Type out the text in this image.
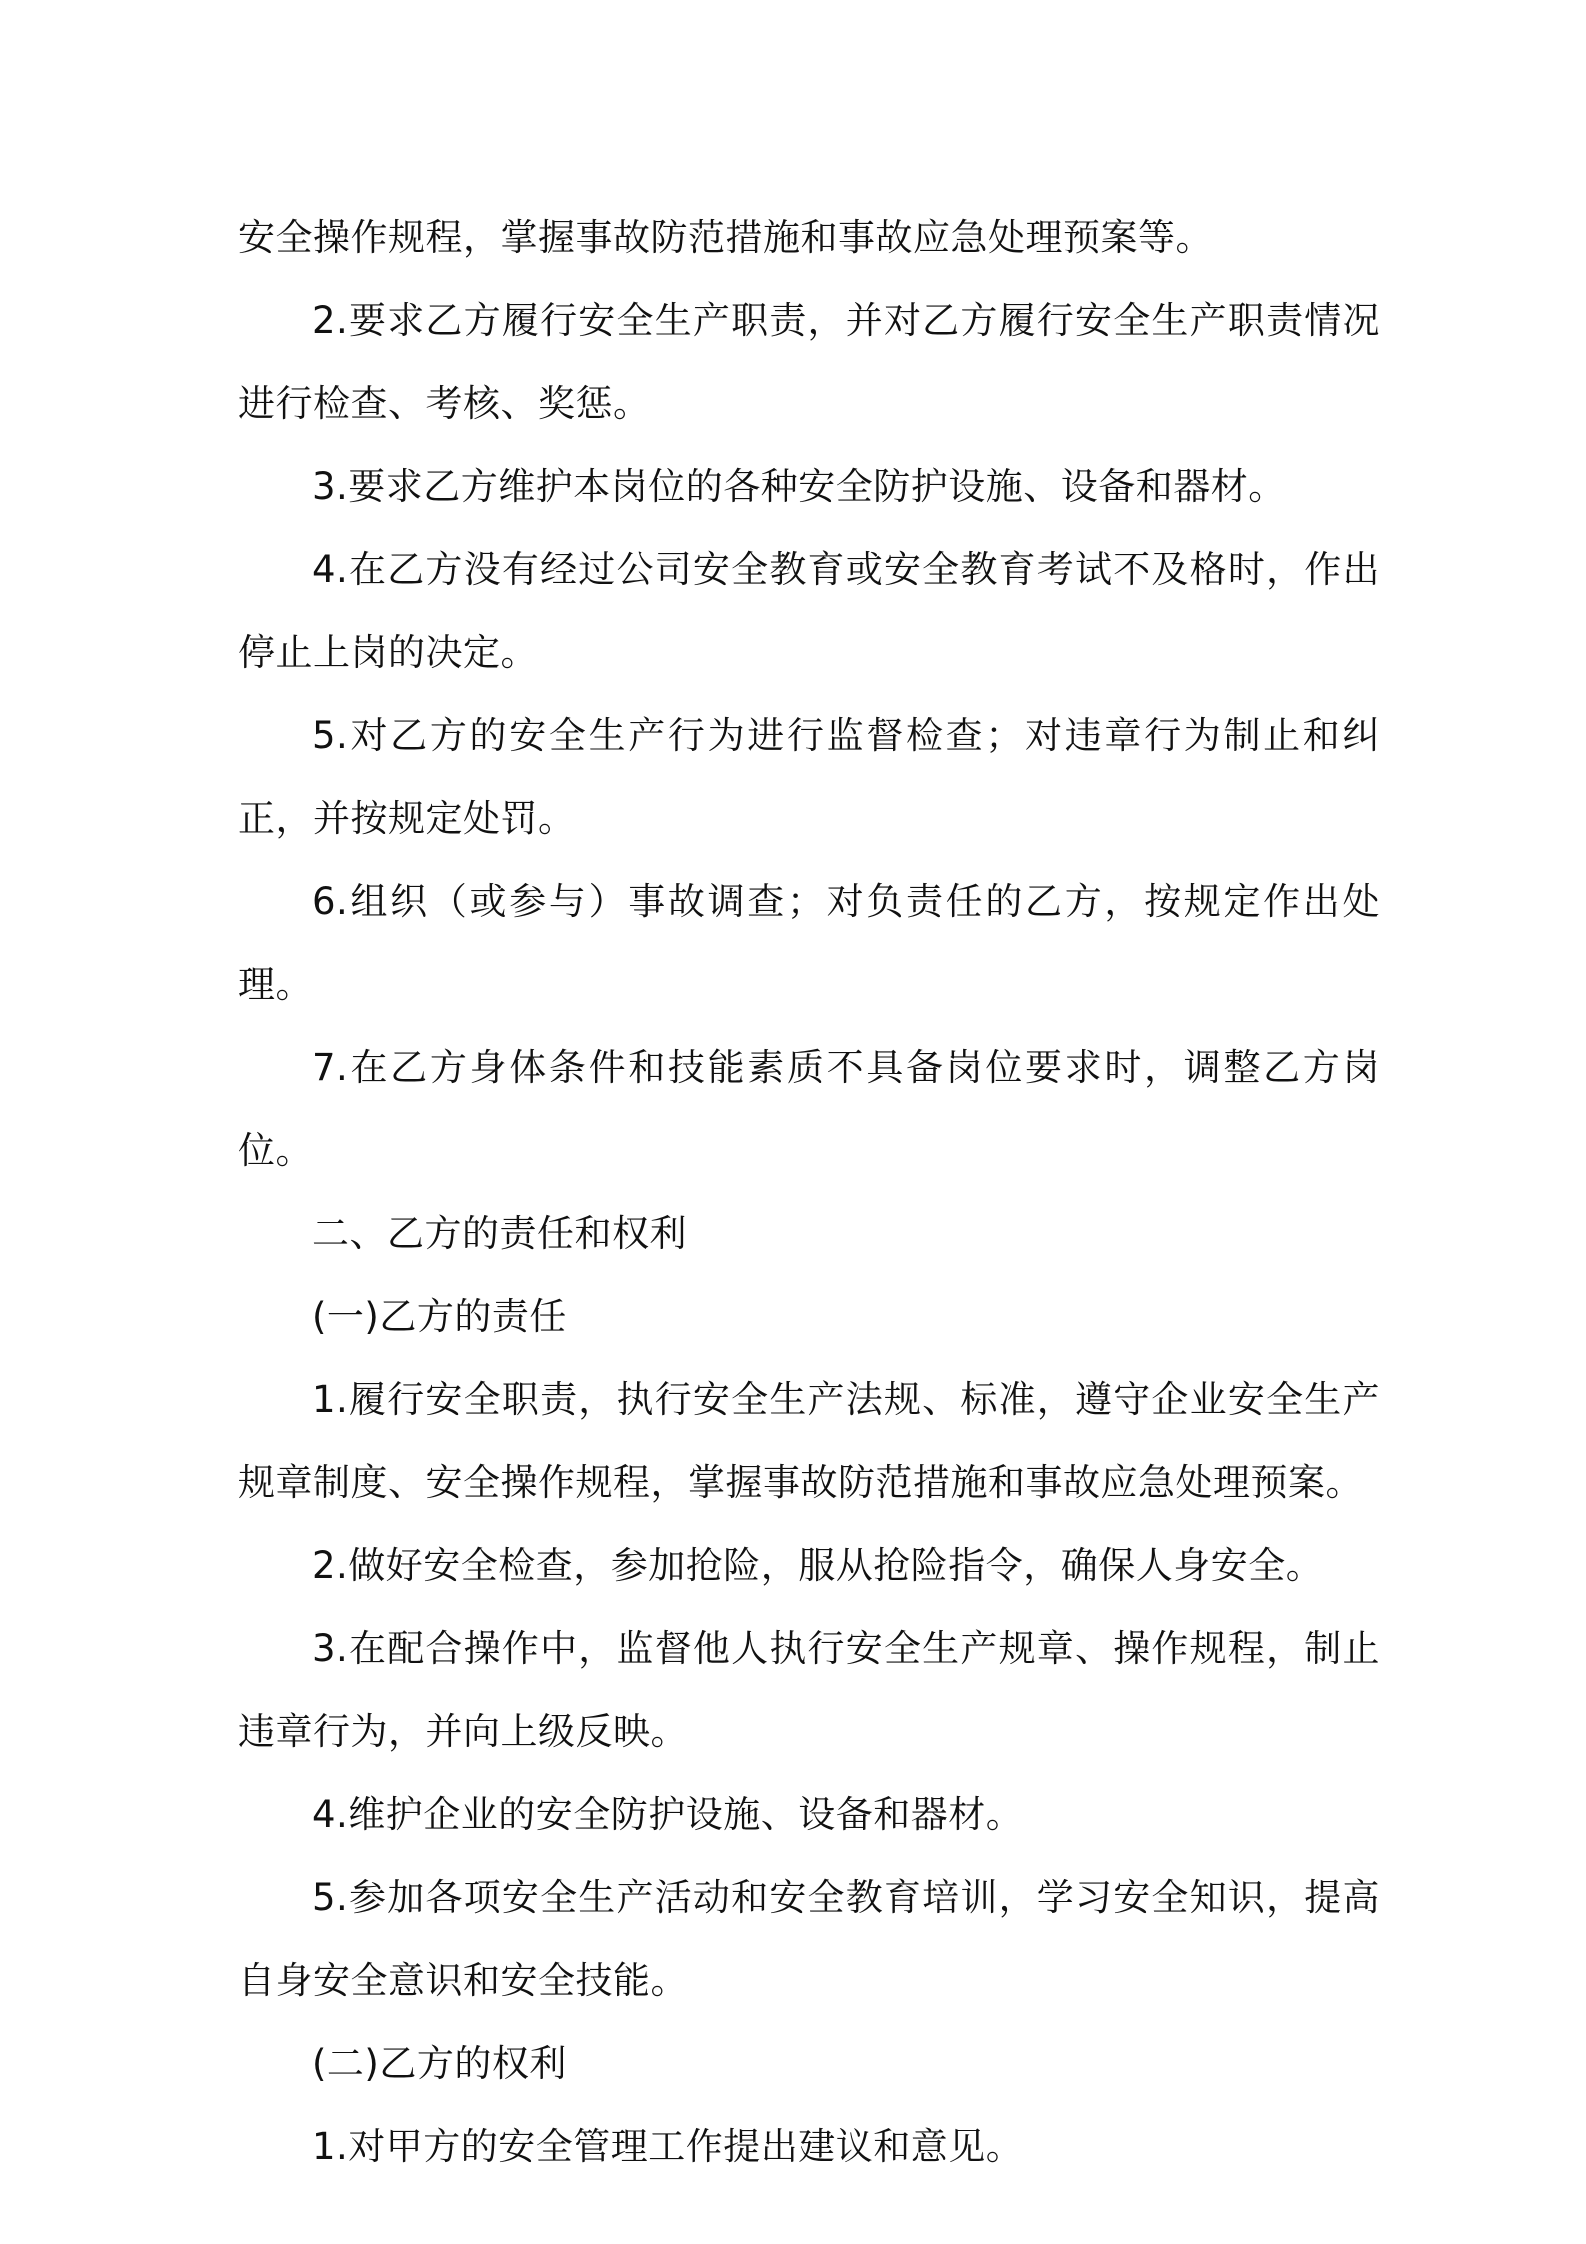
安全操作规程，掌握事故防范措施和事故应急处理预案等。

2.要求乙方履行安全生产职责，并对乙方履行安全生产职责情况进行检查、考核、奖惩。

3.要求乙方维护本岗位的各种安全防护设施、设备和器材。

4.在乙方没有经过公司安全教育或安全教育考试不及格时，作出停止上岗的决定。

5.对乙方的安全生产行为进行监督检查；对违章行为制止和纠正，并按规定处罚。

6.组织（或参与）事故调查；对负责任的乙方，按规定作出处理。

7.在乙方身体条件和技能素质不具备岗位要求时，调整乙方岗位。

二、乙方的责任和权利

(一)乙方的责任

1.履行安全职责，执行安全生产法规、标准，遵守企业安全生产规章制度、安全操作规程，掌握事故防范措施和事故应急处理预案。

2.做好安全检查，参加抢险，服从抢险指令，确保人身安全。

3.在配合操作中，监督他人执行安全生产规章、操作规程，制止违章行为，并向上级反映。

4.维护企业的安全防护设施、设备和器材。

5.参加各项安全生产活动和安全教育培训，学习安全知识，提高自身安全意识和安全技能。

(二)乙方的权利

1.对甲方的安全管理工作提出建议和意见。
